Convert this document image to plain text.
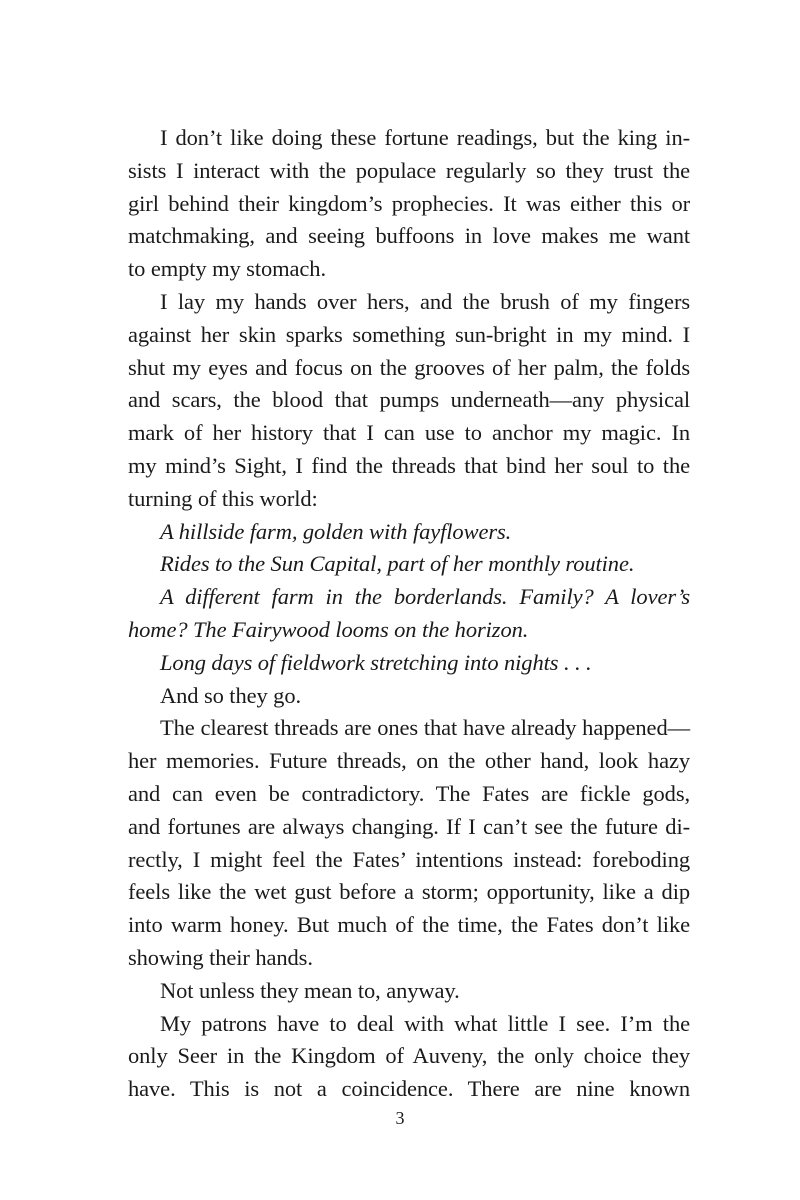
I don’t like doing these fortune readings, but the king in-
sists I interact with the populace regularly so they trust the
girl behind their kingdom’s prophecies. It was either this or
matchmaking, and seeing buffoons in love makes me want
to empty my stomach.
I lay my hands over hers, and the brush of my fingers
against her skin sparks something sun-bright in my mind. I
shut my eyes and focus on the grooves of her palm, the folds
and scars, the blood that pumps underneath—any physical
mark of her history that I can use to anchor my magic. In
my mind’s Sight, I find the threads that bind her soul to the
turning of this world:
A hillside farm, golden with fayflowers.
Rides to the Sun Capital, part of her monthly routine.
A different farm in the borderlands. Family? A lover’s
home? The Fairywood looms on the horizon.
Long days of fieldwork stretching into nights . . .
And so they go.
The clearest threads are ones that have already happened—
her memories. Future threads, on the other hand, look hazy
and can even be contradictory. The Fates are fickle gods,
and fortunes are always changing. If I can’t see the future di-
rectly, I might feel the Fates’ intentions instead: foreboding
feels like the wet gust before a storm; opportunity, like a dip
into warm honey. But much of the time, the Fates don’t like
showing their hands.
Not unless they mean to, anyway.
My patrons have to deal with what little I see. I’m the
only Seer in the Kingdom of Auveny, the only choice they
have. This is not a coincidence. There are nine known
3
